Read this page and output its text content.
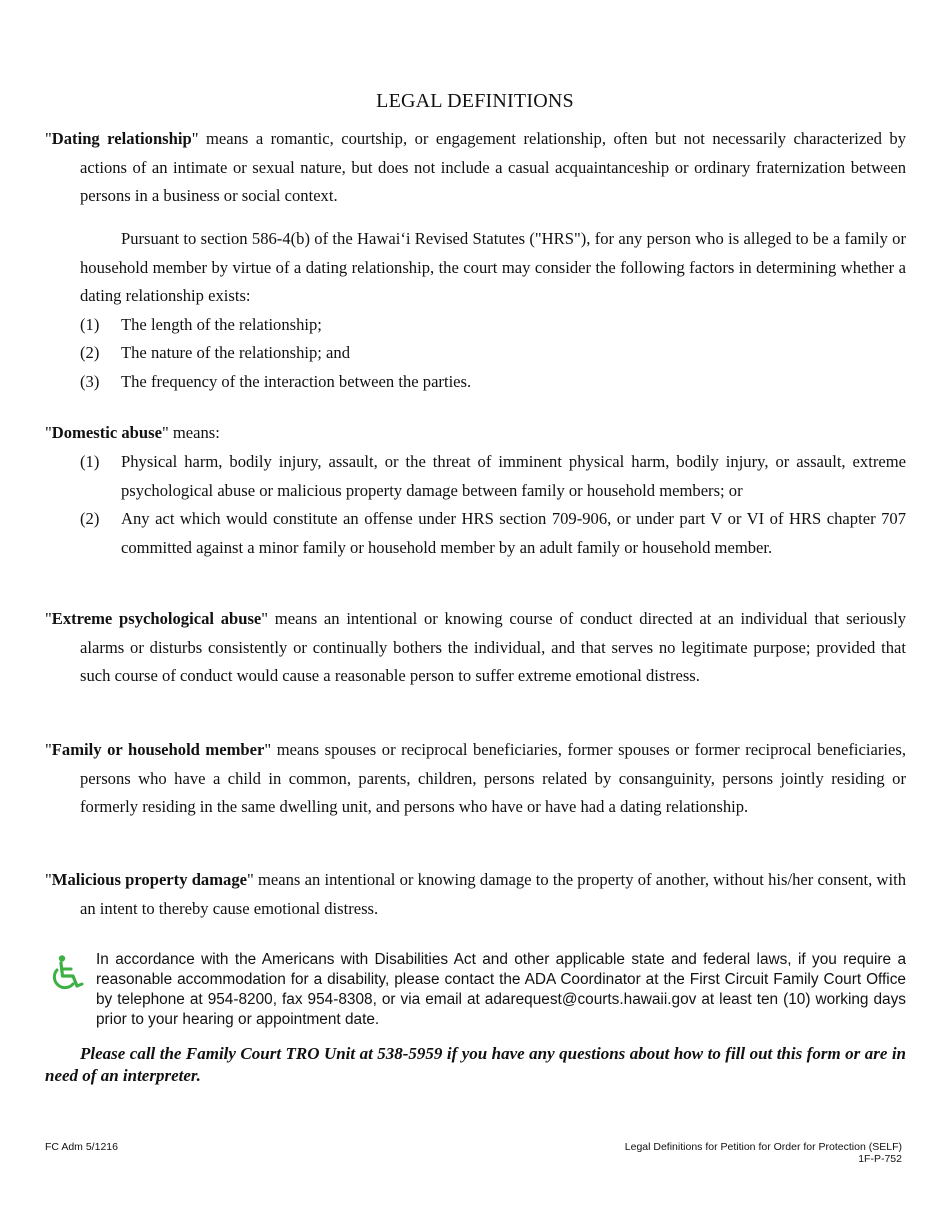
LEGAL DEFINITIONS
"Dating relationship" means a romantic, courtship, or engagement relationship, often but not necessarily characterized by actions of an intimate or sexual nature, but does not include a casual acquaintanceship or ordinary fraternization between persons in a business or social context.
Pursuant to section 586-4(b) of the Hawai‘i Revised Statutes ("HRS"), for any person who is alleged to be a family or household member by virtue of a dating relationship, the court may consider the following factors in determining whether a dating relationship exists:
(1) The length of the relationship;
(2) The nature of the relationship; and
(3) The frequency of the interaction between the parties.
"Domestic abuse" means:
(1) Physical harm, bodily injury, assault, or the threat of imminent physical harm, bodily injury, or assault, extreme psychological abuse or malicious property damage between family or household members; or
(2) Any act which would constitute an offense under HRS section 709-906, or under part V or VI of HRS chapter 707 committed against a minor family or household member by an adult family or household member.
"Extreme psychological abuse" means an intentional or knowing course of conduct directed at an individual that seriously alarms or disturbs consistently or continually bothers the individual, and that serves no legitimate purpose; provided that such course of conduct would cause a reasonable person to suffer extreme emotional distress.
"Family or household member" means spouses or reciprocal beneficiaries, former spouses or former reciprocal beneficiaries, persons who have a child in common, parents, children, persons related by consanguinity, persons jointly residing or formerly residing in the same dwelling unit, and persons who have or have had a dating relationship.
"Malicious property damage" means an intentional or knowing damage to the property of another, without his/her consent, with an intent to thereby cause emotional distress.
In accordance with the Americans with Disabilities Act and other applicable state and federal laws, if you require a reasonable accommodation for a disability, please contact the ADA Coordinator at the First Circuit Family Court Office by telephone at 954-8200, fax 954-8308, or via email at adarequest@courts.hawaii.gov at least ten (10) working days prior to your hearing or appointment date.
Please call the Family Court TRO Unit at 538-5959 if you have any questions about how to fill out this form or are in need of an interpreter.
FC Adm 5/1216	Legal Definitions for Petition for Order for Protection (SELF)
1F-P-752
